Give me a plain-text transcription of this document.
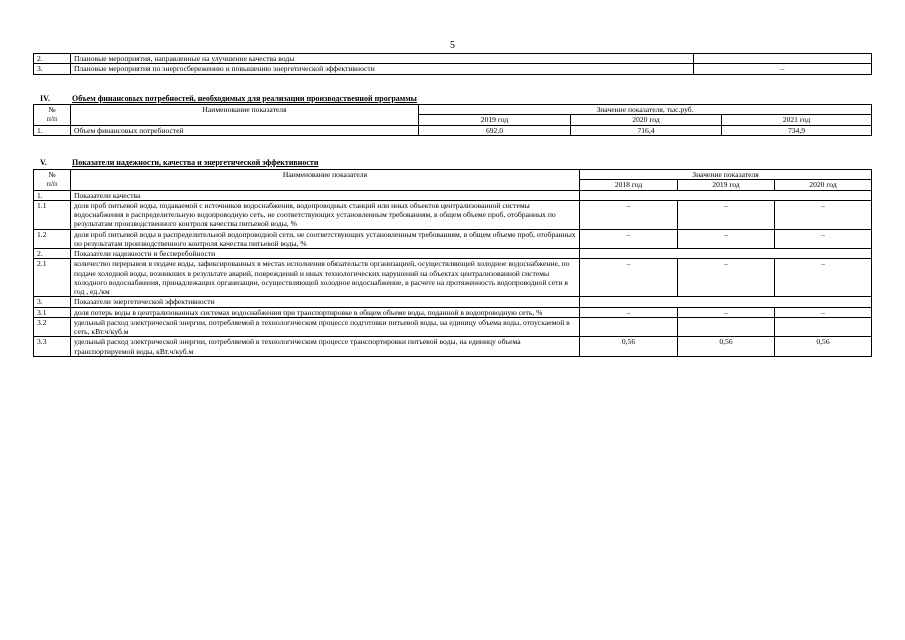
5
2.	Плановые мероприятия, направленные на улучшение качества воды	
3.	Плановые мероприятия по энергосбережению и повышению энергетической эффективности	–
IV.	Объем финансовых потребностей, необходимых для реализации производственной программы
№
п/п	Наименование показателя	Значение показателя, тыс.руб.		
		2019 год	2020 год	2021 год
1.	Объем финансовых потребностей	692,0	716,4	734,9
V.	Показатели надежности, качества и энергетической эффективности
№
п/п	Наименование показателя	Значение показателя		
		2018 год	2019 год	2020 год
1.	Показатели качества			
1.1	доля проб питьевой воды, подаваемой с источников водоснабжения, водопроводных станций или иных объектов централизованной системы водоснабжения в распределительную водопроводную сеть, не соответствующих установленным требованиям, в общем объеме проб, отобранных по результатам производственного контроля качества питьевой воды, %	–	–	–
1.2	доля проб питьевой воды в распределительной водопроводной сети, не соответствующих установленным требованиям, в общем объеме проб, отобранных по результатам производственного контроля качества питьевой воды, %	–	–	–
2.	Показатели надежности и бесперебойности			
2.1	количество перерывов в подаче воды, зафиксированных в местах исполнения обязательств организацией, осуществляющей холодное водоснабжение, по подаче холодной воды, возникших в результате аварий, повреждений и иных технологических нарушений на объектах централизованной системы холодного водоснабжения, принадлежащих организации, осуществляющей холодное водоснабжение, в расчете на протяженность водопроводной сети в год , ед./км	–	–	–
3.	Показатели энергетической эффективности			
3.1	доля потерь воды в централизованных системах водоснабжения при транспортировке в общем объеме воды, поданной в водопроводную сеть, %	–	–	–
3.2	удельный расход электрической энергии, потребляемой в технологическом процессе подготовки питьевой воды, на единицу объема воды, отпускаемой в сеть, кВт.ч/куб.м			
3.3	удельный расход электрической энергии, потребляемой в технологическом процессе транспортировки питьевой воды, на единицу объема транспортируемой воды, кВт.ч/куб.м	0,56	0,56	0,56
